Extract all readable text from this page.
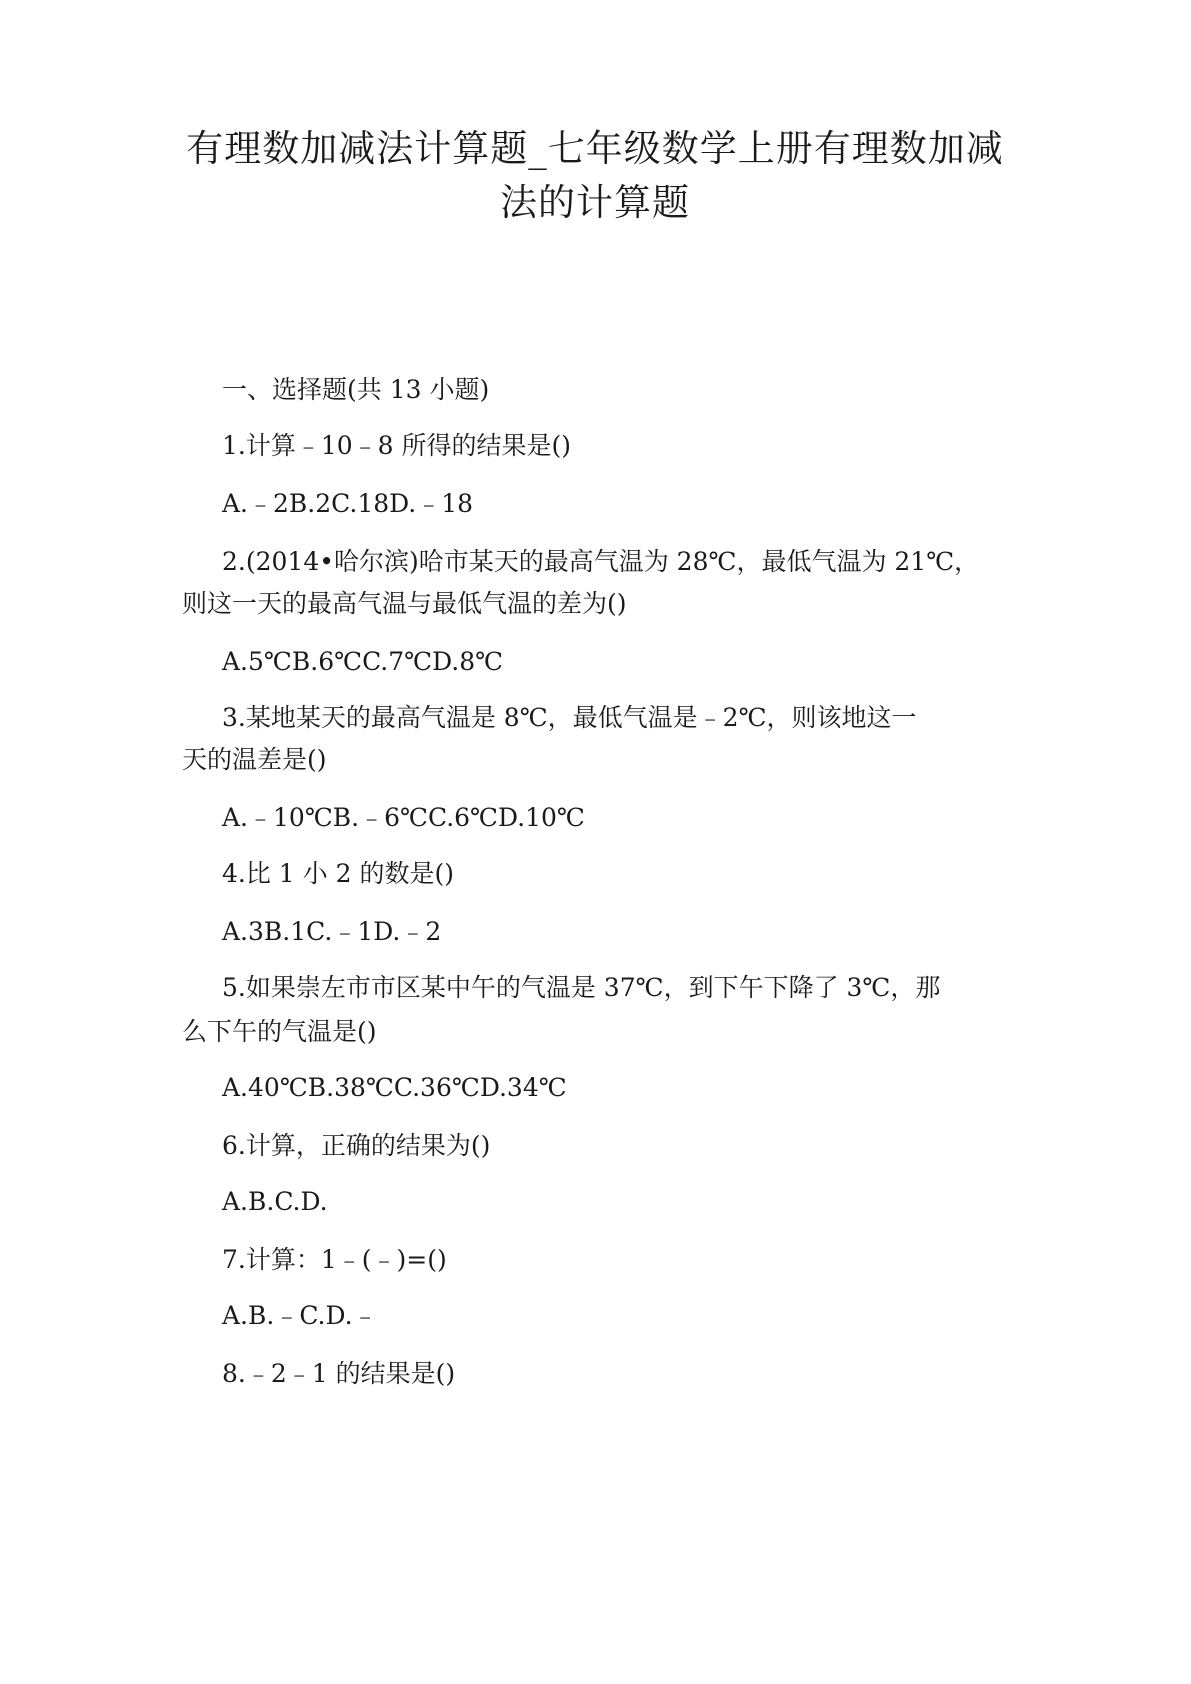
有理数加减法计算题_七年级数学上册有理数加减
法的计算题
一、选择题(共 13 小题)
1.计算﹣10﹣8 所得的结果是()
A.﹣2B.2C.18D.﹣18
2.(2014•哈尔滨)哈市某天的最高气温为 28℃，最低气温为 21℃，
则这一天的最高气温与最低气温的差为()
A.5℃B.6℃C.7℃D.8℃
3.某地某天的最高气温是 8℃，最低气温是﹣2℃，则该地这一
天的温差是()
A.﹣10℃B.﹣6℃C.6℃D.10℃
4.比 1 小 2 的数是()
A.3B.1C.﹣1D.﹣2
5.如果崇左市市区某中午的气温是 37℃，到下午下降了 3℃，那
么下午的气温是()
A.40℃B.38℃C.36℃D.34℃
6.计算，正确的结果为()
A.B.C.D.
7.计算：1﹣(﹣)=()
A.B.﹣C.D.﹣
8.﹣2﹣1 的结果是()
